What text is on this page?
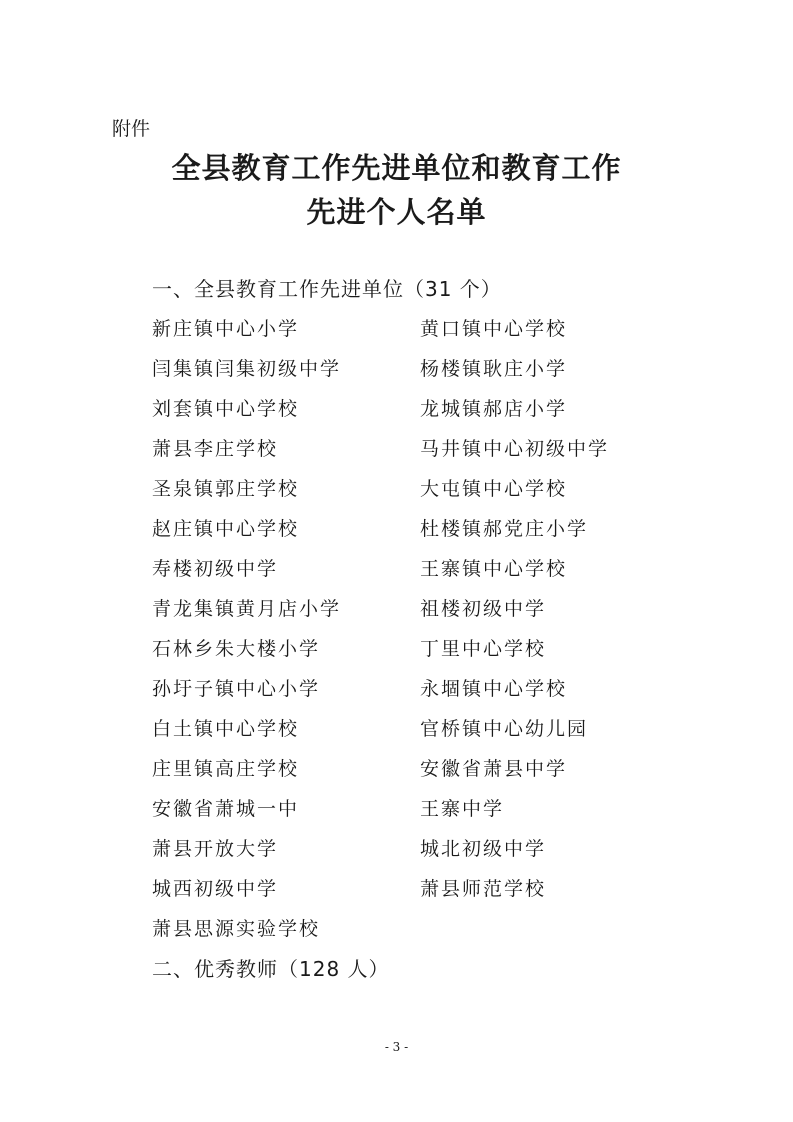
附件
全县教育工作先进单位和教育工作
先进个人名单
一、全县教育工作先进单位（31 个）
新庄镇中心小学	黄口镇中心学校
闫集镇闫集初级中学	杨楼镇耿庄小学
刘套镇中心学校	龙城镇郝店小学
萧县李庄学校	马井镇中心初级中学
圣泉镇郭庄学校	大屯镇中心学校
赵庄镇中心学校	杜楼镇郝党庄小学
寿楼初级中学	王寨镇中心学校
青龙集镇黄月店小学	祖楼初级中学
石林乡朱大楼小学	丁里中心学校
孙圩子镇中心小学	永堌镇中心学校
白土镇中心学校	官桥镇中心幼儿园
庄里镇高庄学校	安徽省萧县中学
安徽省萧城一中	王寨中学
萧县开放大学	城北初级中学
城西初级中学	萧县师范学校
萧县思源实验学校
二、优秀教师（128 人）
- 3 -
